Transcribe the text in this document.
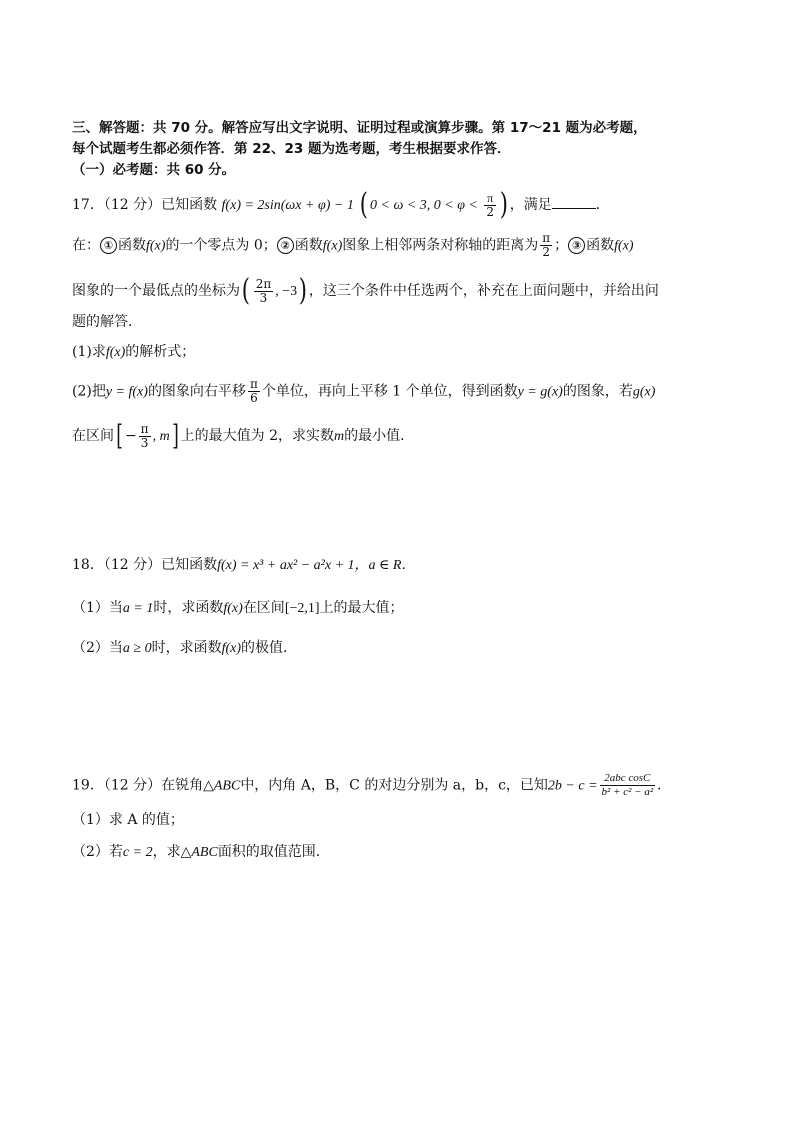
三、解答题：共 70 分。解答应写出文字说明、证明过程或演算步骤。第 17～21 题为必考题，
每个试题考生都必须作答．第 22、23 题为选考题，考生根据要求作答．
（一）必考题：共 60 分。
17．（12 分）已知函数 f(x) = 2sin(ωx + φ) − 1 ( 0 < ω < 3, $0 < \varphi < \frac{\pi}{2}$ ) ，满足	．
在： ① 函数f(x)的一个零点为 0； ② 函数f(x)图象上相邻两条对称轴的距离为 $\frac{\pi}{2}$ ； ③ 函数f(x)
图象的一个最低点的坐标为( $\frac{2\pi}{3}$ , −3) ，这三个条件中任选两个，补充在上面问题中，并给出问
题的解答．
(1)求f(x)的解析式；
(2)把y = f(x)的图象向右平移 $\frac{\pi}{6}$ 个单位，再向上平移 1 个单位，得到函数y = g(x)的图象，若g(x)
在区间[ − $\frac{\pi}{3}$ , m] 上的最大值为 2，求实数m的最小值．
18．（12 分）已知函数f(x) = x³ + ax² − a²x + 1，a ∈ R．
（1）当a = 1时，求函数f(x)在区间[−2,1]上的最大值；
（2）当a ≥ 0时，求函数f(x)的极值．
19．（12 分）在锐角△ABC中，内角 A，B，C 的对边分别为 a，b，c，已知$2b - c = \frac{\text{2abc cosC}}{\text{b² + c² − a²}}$ ．
（1）求 A 的值；
（2）若c = 2，求△ABC面积的取值范围．
